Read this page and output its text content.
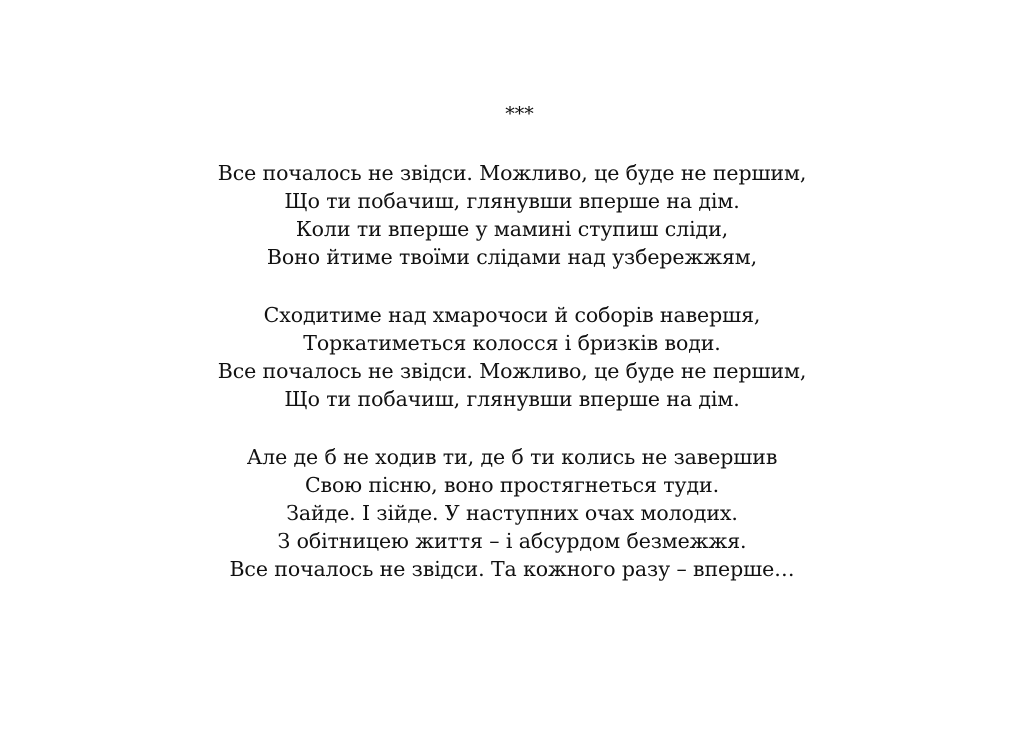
***
Все почалось не звідси. Можливо, це буде не першим,
Що ти побачиш, глянувши вперше на дім.
Коли ти вперше у мамині ступиш сліди,
Воно йтиме твоїми слідами над узбережжям,
Сходитиме над хмарочоси й соборів навершя,
Торкатиметься колосся і бризків води.
Все почалось не звідси. Можливо, це буде не першим,
Що ти побачиш, глянувши вперше на дім.
Але де б не ходив ти, де б ти колись не завершив
Свою пісню, воно простягнеться туди.
Зайде. І зійде. У наступних очах молодих.
З обітницею життя – і абсурдом безмежжя.
Все почалось не звідси. Та кожного разу – вперше…
